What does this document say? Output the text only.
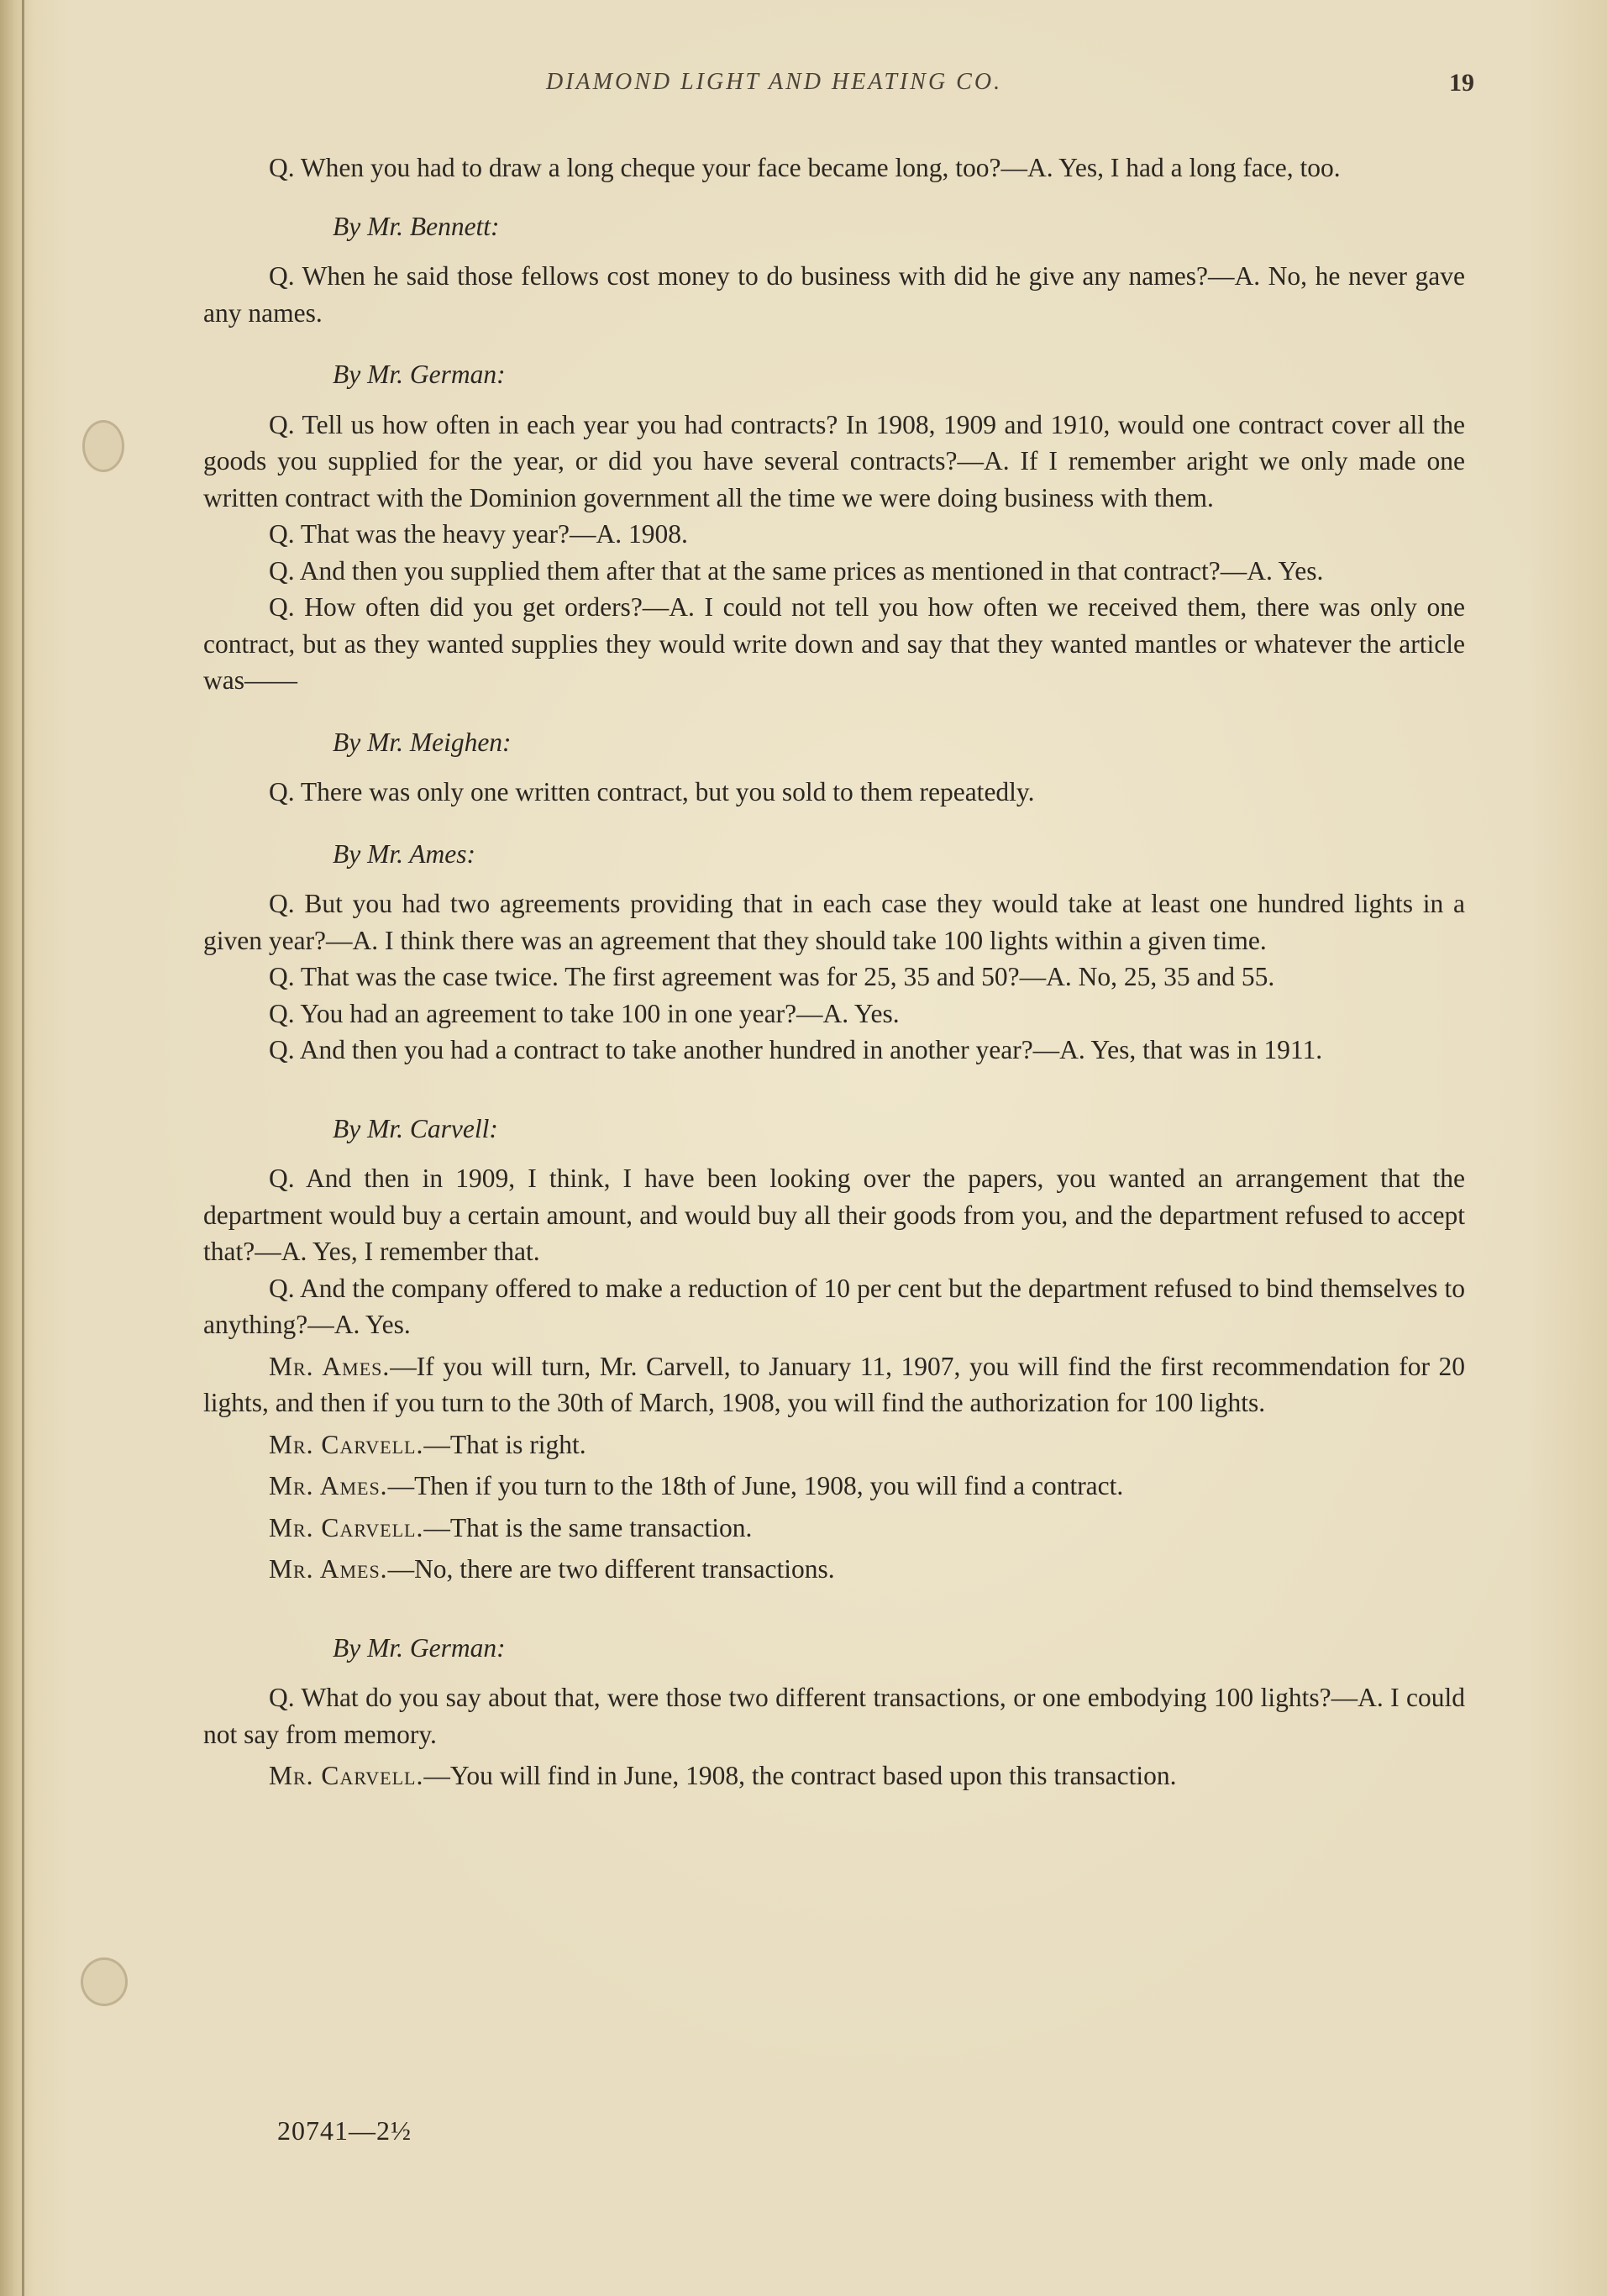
DIAMOND LIGHT AND HEATING CO.	19

Q. When you had to draw a long cheque your face became long, too?—A. Yes, I had a long face, too.

By Mr. Bennett:

Q. When he said those fellows cost money to do business with did he give any names?—A. No, he never gave any names.

By Mr. German:

Q. Tell us how often in each year you had contracts? In 1908, 1909 and 1910, would one contract cover all the goods you supplied for the year, or did you have several contracts?—A. If I remember aright we only made one written contract with the Dominion government all the time we were doing business with them.

Q. That was the heavy year?—A. 1908.

Q. And then you supplied them after that at the same prices as mentioned in that contract?—A. Yes.

Q. How often did you get orders?—A. I could not tell you how often we received them, there was only one contract, but as they wanted supplies they would write down and say that they wanted mantles or whatever the article was——

By Mr. Meighen:

Q. There was only one written contract, but you sold to them repeatedly.

By Mr. Ames:

Q. But you had two agreements providing that in each case they would take at least one hundred lights in a given year?—A. I think there was an agreement that they should take 100 lights within a given time.

Q. That was the case twice. The first agreement was for 25, 35 and 50?—A. No, 25, 35 and 55.

Q. You had an agreement to take 100 in one year?—A. Yes.

Q. And then you had a contract to take another hundred in another year?—A. Yes, that was in 1911.

By Mr. Carvell:

Q. And then in 1909, I think, I have been looking over the papers, you wanted an arrangement that the department would buy a certain amount, and would buy all their goods from you, and the department refused to accept that?—A. Yes, I remember that.

Q. And the company offered to make a reduction of 10 per cent but the department refused to bind themselves to anything?—A. Yes.

Mr. Ames.—If you will turn, Mr. Carvell, to January 11, 1907, you will find the first recommendation for 20 lights, and then if you turn to the 30th of March, 1908, you will find the authorization for 100 lights.

Mr. Carvell.—That is right.

Mr. Ames.—Then if you turn to the 18th of June, 1908, you will find a contract.

Mr. Carvell.—That is the same transaction.

Mr. Ames.—No, there are two different transactions.

By Mr. German:

Q. What do you say about that, were those two different transactions, or one embodying 100 lights?—A. I could not say from memory.

Mr. Carvell.—You will find in June, 1908, the contract based upon this transaction.

20741—2½
